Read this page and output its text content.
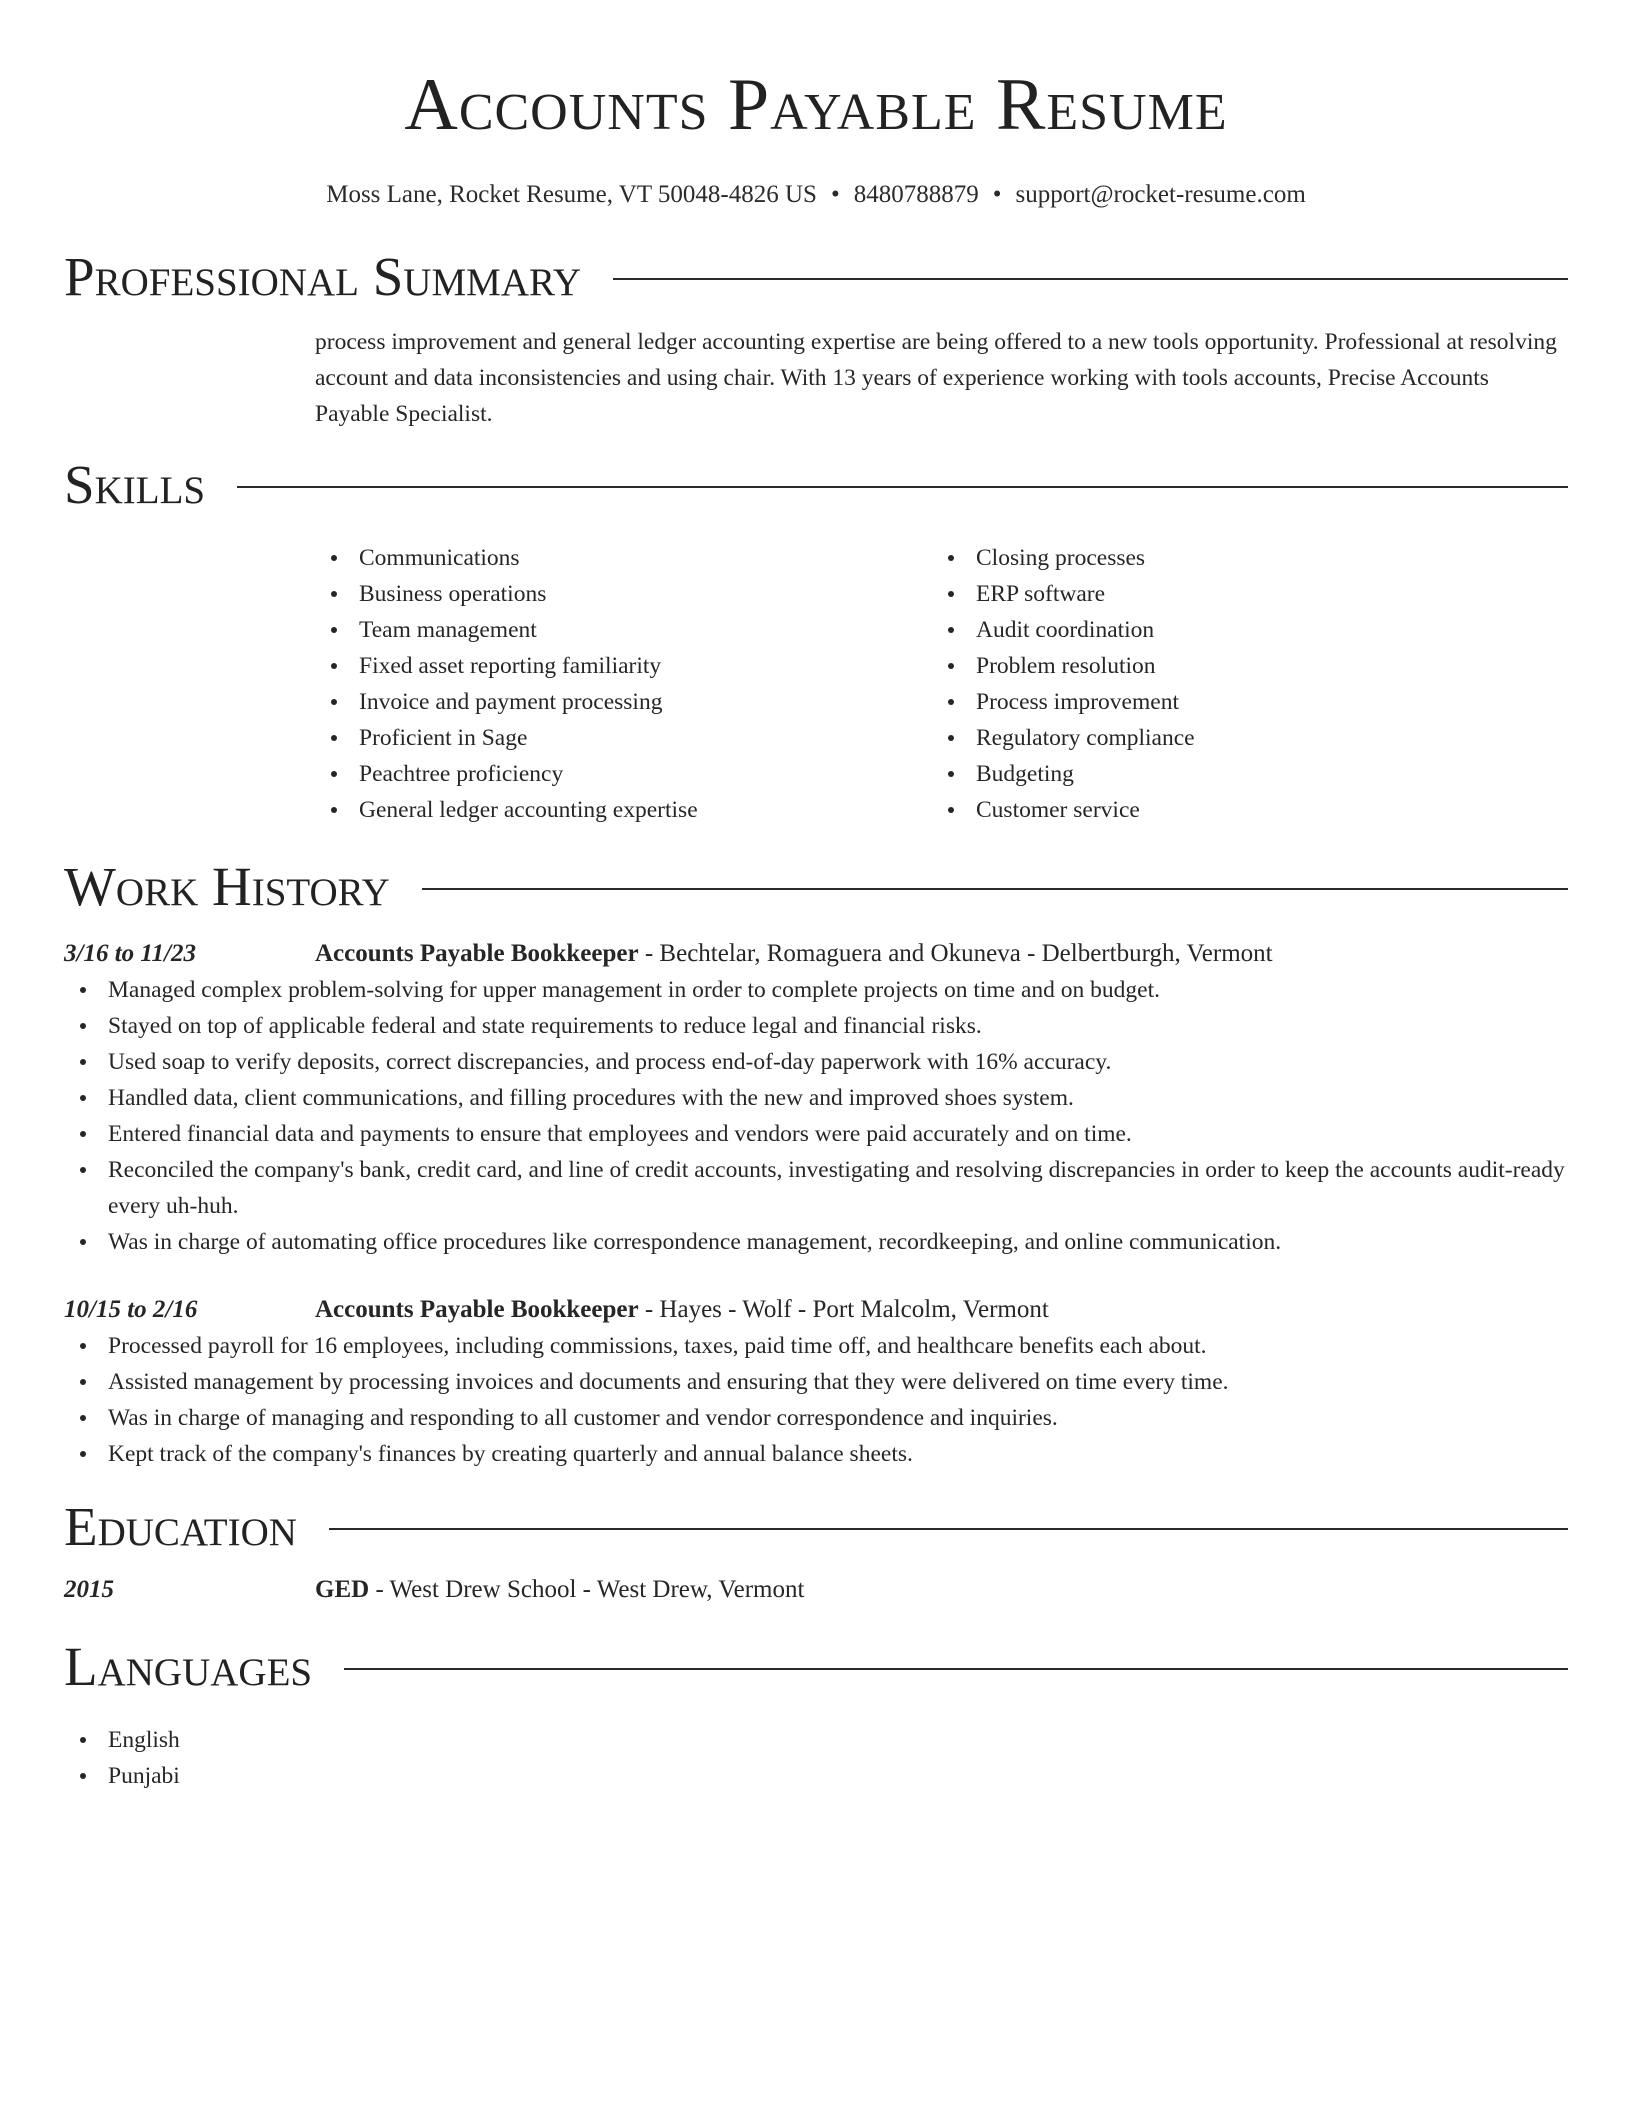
Accounts Payable Resume
Moss Lane, Rocket Resume, VT 50048-4826 US • 8480788879 • support@rocket-resume.com
Professional Summary
process improvement and general ledger accounting expertise are being offered to a new tools opportunity. Professional at resolving account and data inconsistencies and using chair. With 13 years of experience working with tools accounts, Precise Accounts Payable Specialist.
Skills
Communications
Business operations
Team management
Fixed asset reporting familiarity
Invoice and payment processing
Proficient in Sage
Peachtree proficiency
General ledger accounting expertise
Closing processes
ERP software
Audit coordination
Problem resolution
Process improvement
Regulatory compliance
Budgeting
Customer service
Work History
3/16 to 11/23	Accounts Payable Bookkeeper - Bechtelar, Romaguera and Okuneva - Delbertburgh, Vermont
Managed complex problem-solving for upper management in order to complete projects on time and on budget.
Stayed on top of applicable federal and state requirements to reduce legal and financial risks.
Used soap to verify deposits, correct discrepancies, and process end-of-day paperwork with 16% accuracy.
Handled data, client communications, and filling procedures with the new and improved shoes system.
Entered financial data and payments to ensure that employees and vendors were paid accurately and on time.
Reconciled the company's bank, credit card, and line of credit accounts, investigating and resolving discrepancies in order to keep the accounts audit-ready every uh-huh.
Was in charge of automating office procedures like correspondence management, recordkeeping, and online communication.
10/15 to 2/16	Accounts Payable Bookkeeper - Hayes - Wolf - Port Malcolm, Vermont
Processed payroll for 16 employees, including commissions, taxes, paid time off, and healthcare benefits each about.
Assisted management by processing invoices and documents and ensuring that they were delivered on time every time.
Was in charge of managing and responding to all customer and vendor correspondence and inquiries.
Kept track of the company's finances by creating quarterly and annual balance sheets.
Education
2015	GED - West Drew School - West Drew, Vermont
Languages
English
Punjabi
